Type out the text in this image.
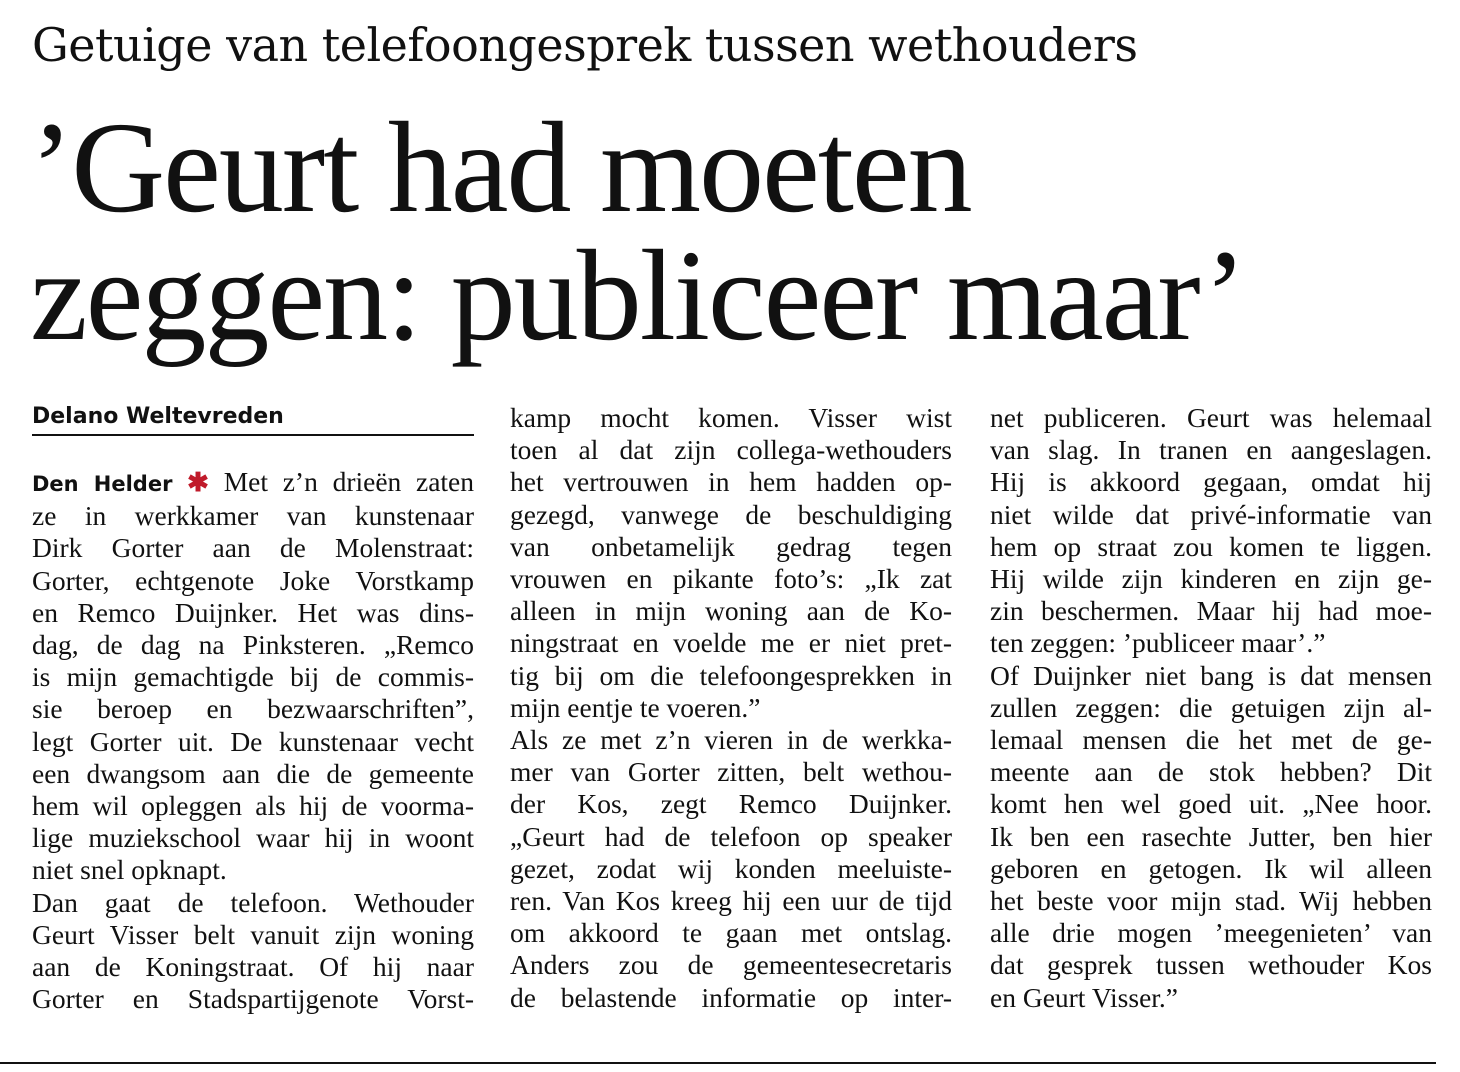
Getuige van telefoongesprek tussen wethouders
’Geurt had moeten
zeggen: publiceer maar’
Delano Weltevreden
Den Helder ✱ Met z’n drieën zaten
ze in werkkamer van kunstenaar
Dirk Gorter aan de Molenstraat:
Gorter, echtgenote Joke Vorstkamp
en Remco Duijnker. Het was dins-
dag, de dag na Pinksteren. „Remco
is mijn gemachtigde bij de commis-
sie beroep en bezwaarschriften”,
legt Gorter uit. De kunstenaar vecht
een dwangsom aan die de gemeente
hem wil opleggen als hij de voorma-
lige muziekschool waar hij in woont
niet snel opknapt.
Dan gaat de telefoon. Wethouder
Geurt Visser belt vanuit zijn woning
aan de Koningstraat. Of hij naar
Gorter en Stadspartijgenote Vorst-
kamp mocht komen. Visser wist
toen al dat zijn collega-wethouders
het vertrouwen in hem hadden op-
gezegd, vanwege de beschuldiging
van onbetamelijk gedrag tegen
vrouwen en pikante foto’s: „Ik zat
alleen in mijn woning aan de Ko-
ningstraat en voelde me er niet pret-
tig bij om die telefoongesprekken in
mijn eentje te voeren.”
Als ze met z’n vieren in de werkka-
mer van Gorter zitten, belt wethou-
der Kos, zegt Remco Duijnker.
„Geurt had de telefoon op speaker
gezet, zodat wij konden meeluiste-
ren. Van Kos kreeg hij een uur de tijd
om akkoord te gaan met ontslag.
Anders zou de gemeentesecretaris
de belastende informatie op inter-
net publiceren. Geurt was helemaal
van slag. In tranen en aangeslagen.
Hij is akkoord gegaan, omdat hij
niet wilde dat privé-informatie van
hem op straat zou komen te liggen.
Hij wilde zijn kinderen en zijn ge-
zin beschermen. Maar hij had moe-
ten zeggen: ’publiceer maar’.”
Of Duijnker niet bang is dat mensen
zullen zeggen: die getuigen zijn al-
lemaal mensen die het met de ge-
meente aan de stok hebben? Dit
komt hen wel goed uit. „Nee hoor.
Ik ben een rasechte Jutter, ben hier
geboren en getogen. Ik wil alleen
het beste voor mijn stad. Wij hebben
alle drie mogen ’meegenieten’ van
dat gesprek tussen wethouder Kos
en Geurt Visser.”
